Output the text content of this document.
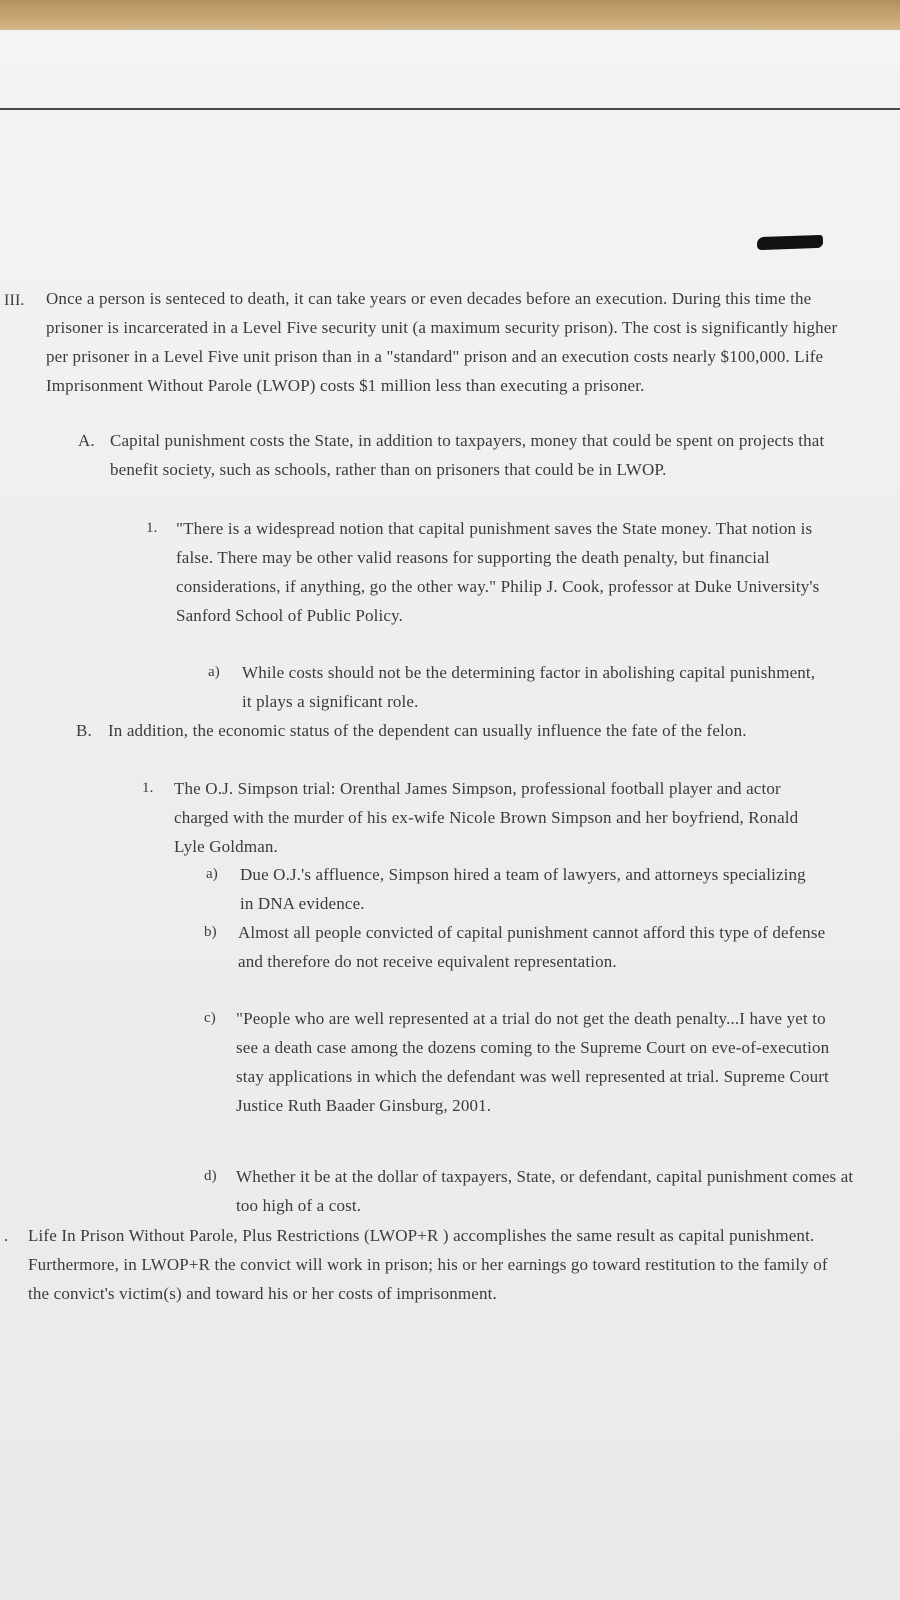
III. Once a person is senteced to death, it can take years or even decades before an execution. During this time the prisoner is incarcerated in a Level Five security unit (a maximum security prison). The cost is significantly higher per prisoner in a Level Five unit prison than in a "standard" prison and an execution costs nearly $100,000. Life Imprisonment Without Parole (LWOP) costs $1 million less than executing a prisoner.

A. Capital punishment costs the State, in addition to taxpayers, money that could be spent on projects that benefit society, such as schools, rather than on prisoners that could be in LWOP.

1. "There is a widespread notion that capital punishment saves the State money. That notion is false. There may be other valid reasons for supporting the death penalty, but financial considerations, if anything, go the other way." Philip J. Cook, professor at Duke University's Sanford School of Public Policy.

a) While costs should not be the determining factor in abolishing capital punishment, it plays a significant role.

B. In addition, the economic status of the dependent can usually influence the fate of the felon.

1. The O.J. Simpson trial: Orenthal James Simpson, professional football player and actor charged with the murder of his ex-wife Nicole Brown Simpson and her boyfriend, Ronald Lyle Goldman.

a) Due O.J.'s affluence, Simpson hired a team of lawyers, and attorneys specializing in DNA evidence.

b) Almost all people convicted of capital punishment cannot afford this type of defense and therefore do not receive equivalent representation.

c) "People who are well represented at a trial do not get the death penalty...I have yet to see a death case among the dozens coming to the Supreme Court on eve-of-execution stay applications in which the defendant was well represented at trial. Supreme Court Justice Ruth Baader Ginsburg, 2001.

d) Whether it be at the dollar of taxpayers, State, or defendant, capital punishment comes at too high of a cost.

. Life In Prison Without Parole, Plus Restrictions (LWOP+R ) accomplishes the same result as capital punishment. Furthermore, in LWOP+R the convict will work in prison; his or her earnings go toward restitution to the family of the convict's victim(s) and toward his or her costs of imprisonment.
